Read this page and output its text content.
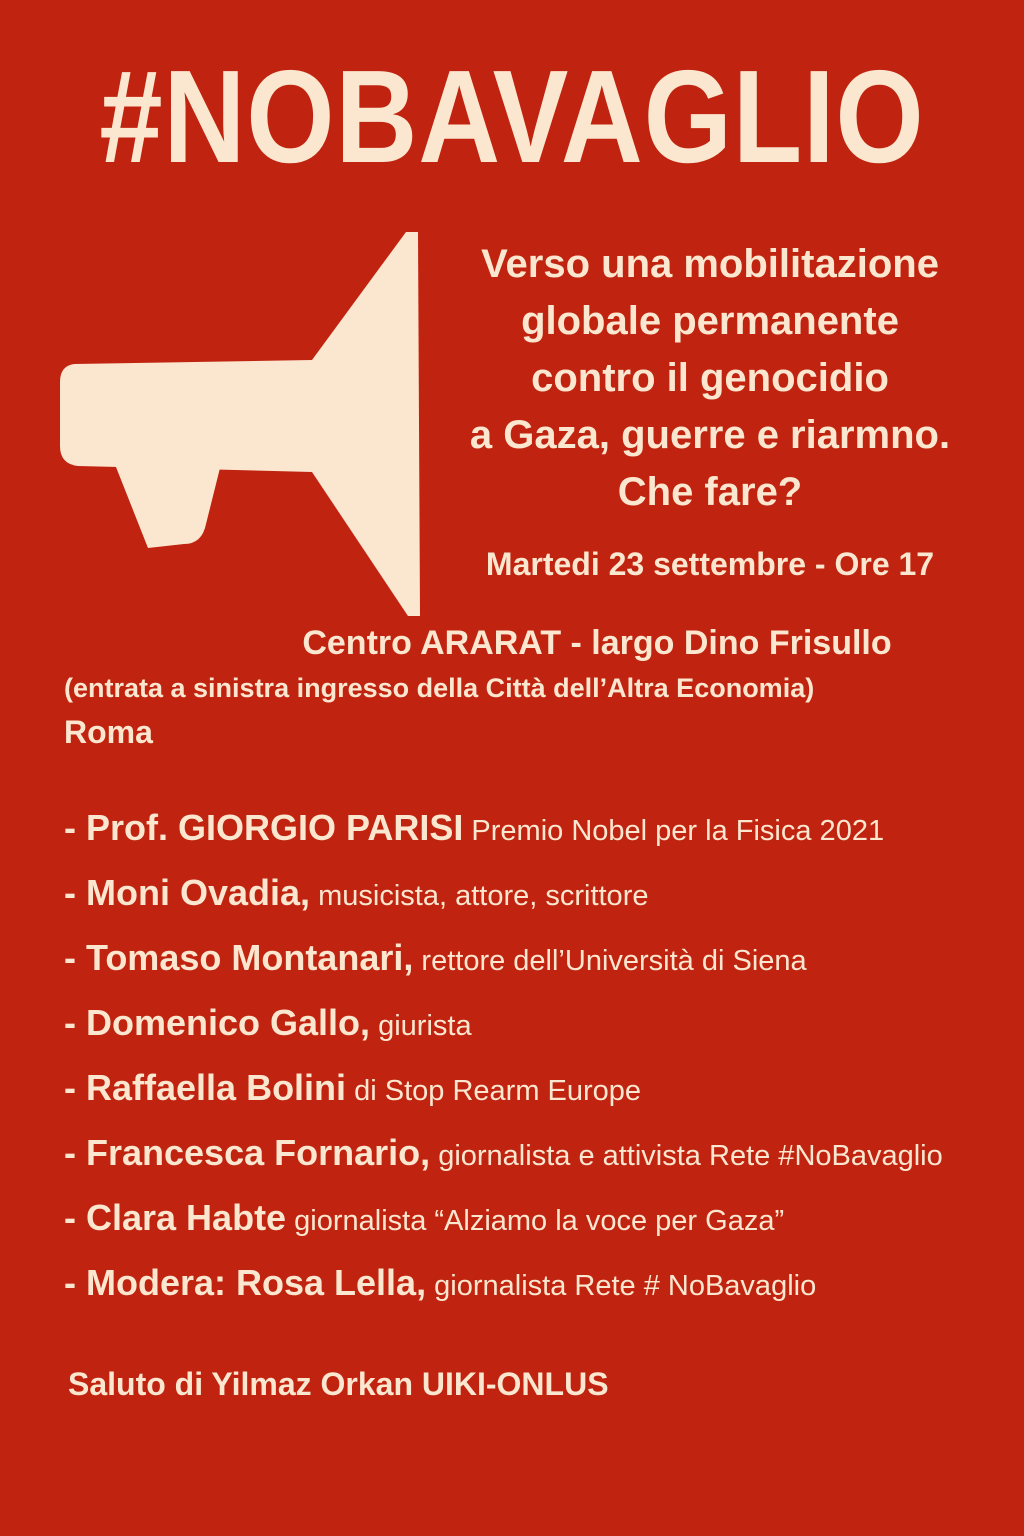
#NOBAVAGLIO
Verso una mobilitazione
globale permanente
contro il genocidio
a Gaza, guerre e riarmno.
Che fare?
Martedi 23 settembre - Ore 17
Centro ARARAT - largo Dino Frisullo
(entrata a sinistra ingresso della Città dell’Altra Economia)
Roma
- Prof. GIORGIO PARISI Premio Nobel per la Fisica 2021
- Moni Ovadia, musicista, attore, scrittore
- Tomaso Montanari, rettore dell’Università di Siena
- Domenico Gallo, giurista
- Raffaella Bolini di Stop Rearm Europe
- Francesca Fornario, giornalista e attivista Rete #NoBavaglio
- Clara Habte giornalista “Alziamo la voce per Gaza”
- Modera: Rosa Lella, giornalista Rete # NoBavaglio
Saluto di Yilmaz Orkan UIKI-ONLUS
